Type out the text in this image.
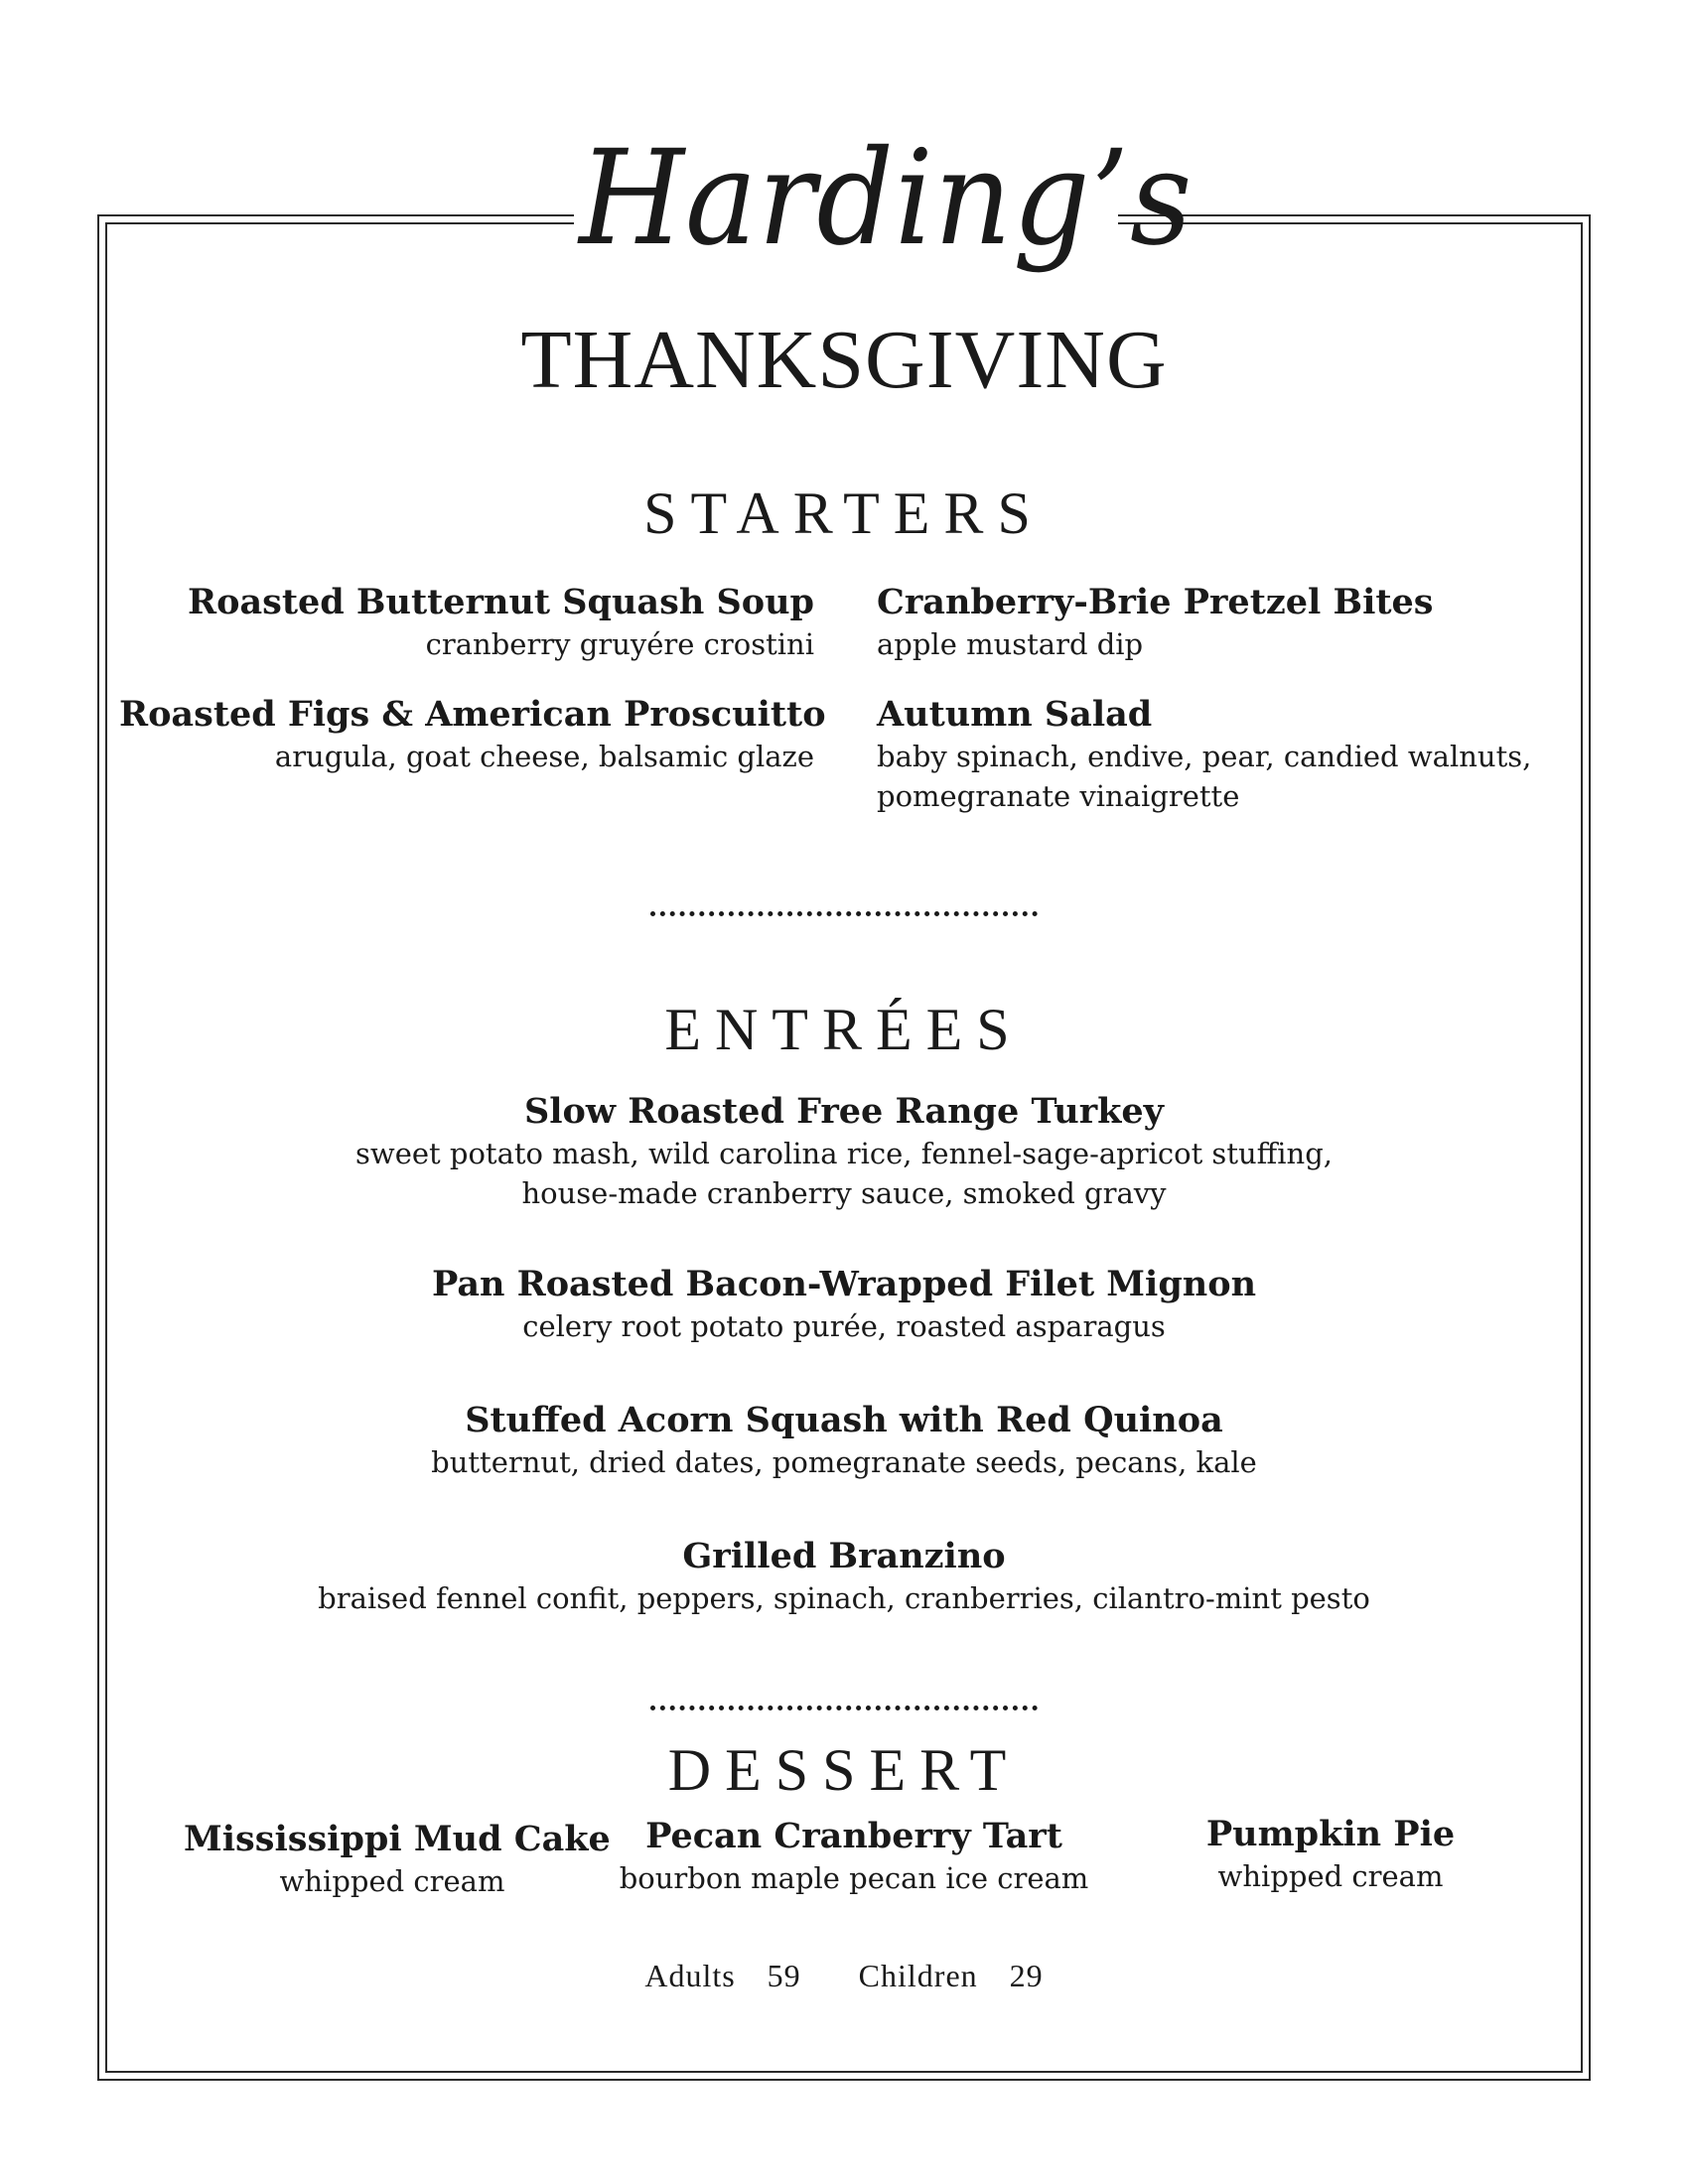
Harding’s
THANKSGIVING
STARTERS
Roasted Butternut Squash Soup
cranberry gruyére crostini
Roasted Figs & American Proscuitto
arugula, goat cheese, balsamic glaze
Cranberry-Brie Pretzel Bites
apple mustard dip
Autumn Salad
baby spinach, endive, pear, candied walnuts,
pomegranate vinaigrette
ENTRÉES
Slow Roasted Free Range Turkey
sweet potato mash, wild carolina rice, fennel-sage-apricot stuffing,
house-made cranberry sauce, smoked gravy
Pan Roasted Bacon-Wrapped Filet Mignon
celery root potato purée, roasted asparagus
Stuffed Acorn Squash with Red Quinoa
butternut, dried dates, pomegranate seeds, pecans, kale
Grilled Branzino
braised fennel confit, peppers, spinach, cranberries, cilantro-mint pesto
DESSERT
Mississippi Mud Cake
whipped cream
Pecan Cranberry Tart
bourbon maple pecan ice cream
Pumpkin Pie
whipped cream
Adults 59 Children 29
